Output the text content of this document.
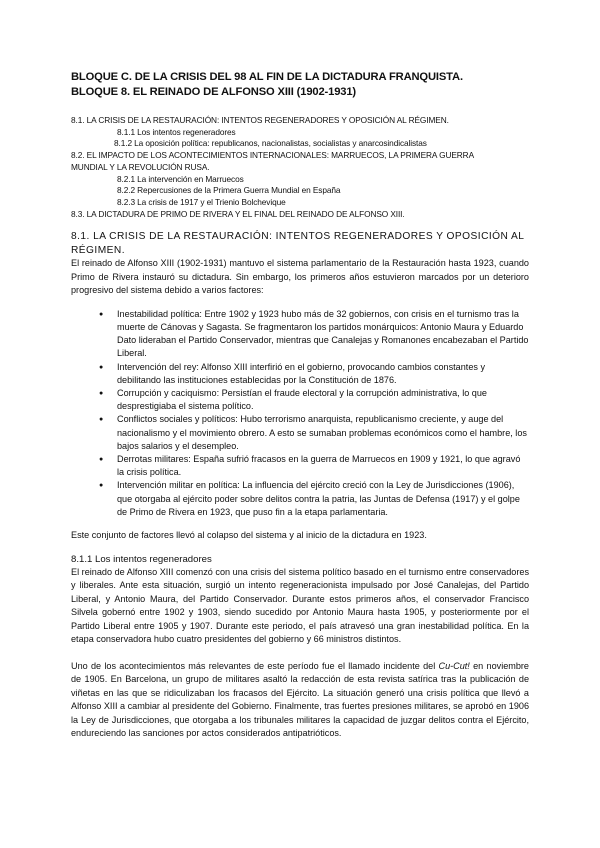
BLOQUE C. DE LA CRISIS DEL 98 AL FIN DE LA DICTADURA FRANQUISTA.
BLOQUE 8. EL REINADO DE ALFONSO XIII (1902-1931)
8.1. LA CRISIS DE LA RESTAURACIÓN: INTENTOS REGENERADORES Y OPOSICIÓN AL RÉGIMEN.
8.1.1 Los intentos regeneradores
8.1.2 La oposición política: republicanos, nacionalistas, socialistas y anarcosindicalistas
8.2. EL IMPACTO DE LOS ACONTECIMIENTOS INTERNACIONALES: MARRUECOS, LA PRIMERA GUERRA
MUNDIAL Y LA REVOLUCIÓN RUSA.
8.2.1 La intervención en Marruecos
8.2.2 Repercusiones de la Primera Guerra Mundial en España
8.2.3 La crisis de 1917 y el Trienio Bolchevique
8.3. LA DICTADURA DE PRIMO DE RIVERA Y EL FINAL DEL REINADO DE ALFONSO XIII.
8.1. LA CRISIS DE LA RESTAURACIÓN: INTENTOS REGENERADORES Y OPOSICIÓN AL RÉGIMEN.

El reinado de Alfonso XIII (1902-1931) mantuvo el sistema parlamentario de la Restauración hasta 1923, cuando Primo de Rivera instauró su dictadura. Sin embargo, los primeros años estuvieron marcados por un deterioro progresivo del sistema debido a varios factores:

● Inestabilidad política: Entre 1902 y 1923 hubo más de 32 gobiernos, con crisis en el turnismo tras la muerte de Cánovas y Sagasta. Se fragmentaron los partidos monárquicos: Antonio Maura y Eduardo Dato lideraban el Partido Conservador, mientras que Canalejas y Romanones encabezaban el Partido Liberal.
● Intervención del rey: Alfonso XIII interfirió en el gobierno, provocando cambios constantes y debilitando las instituciones establecidas por la Constitución de 1876.
● Corrupción y caciquismo: Persistían el fraude electoral y la corrupción administrativa, lo que desprestigiaba el sistema político.
● Conflictos sociales y políticos: Hubo terrorismo anarquista, republicanismo creciente, y auge del nacionalismo y el movimiento obrero. A esto se sumaban problemas económicos como el hambre, los bajos salarios y el desempleo.
● Derrotas militares: España sufrió fracasos en la guerra de Marruecos en 1909 y 1921, lo que agravó la crisis política.
● Intervención militar en política: La influencia del ejército creció con la Ley de Jurisdicciones (1906), que otorgaba al ejército poder sobre delitos contra la patria, las Juntas de Defensa (1917) y el golpe de Primo de Rivera en 1923, que puso fin a la etapa parlamentaria.

Este conjunto de factores llevó al colapso del sistema y al inicio de la dictadura en 1923.

8.1.1 Los intentos regeneradores

El reinado de Alfonso XIII comenzó con una crisis del sistema político basado en el turnismo entre conservadores y liberales. Ante esta situación, surgió un intento regeneracionista impulsado por José Canalejas, del Partido Liberal, y Antonio Maura, del Partido Conservador. Durante estos primeros años, el conservador Francisco Silvela gobernó entre 1902 y 1903, siendo sucedido por Antonio Maura hasta 1905, y posteriormente por el Partido Liberal entre 1905 y 1907. Durante este periodo, el país atravesó una gran inestabilidad política. En la etapa conservadora hubo cuatro presidentes del gobierno y 66 ministros distintos.

Uno de los acontecimientos más relevantes de este período fue el llamado incidente del Cu-Cut! en noviembre de 1905. En Barcelona, un grupo de militares asaltó la redacción de esta revista satírica tras la publicación de viñetas en las que se ridiculizaban los fracasos del Ejército. La situación generó una crisis política que llevó a Alfonso XIII a cambiar al presidente del Gobierno. Finalmente, tras fuertes presiones militares, se aprobó en 1906 la Ley de Jurisdicciones, que otorgaba a los tribunales militares la capacidad de juzgar delitos contra el Ejército, endureciendo las sanciones por actos considerados antipatrióticos.
